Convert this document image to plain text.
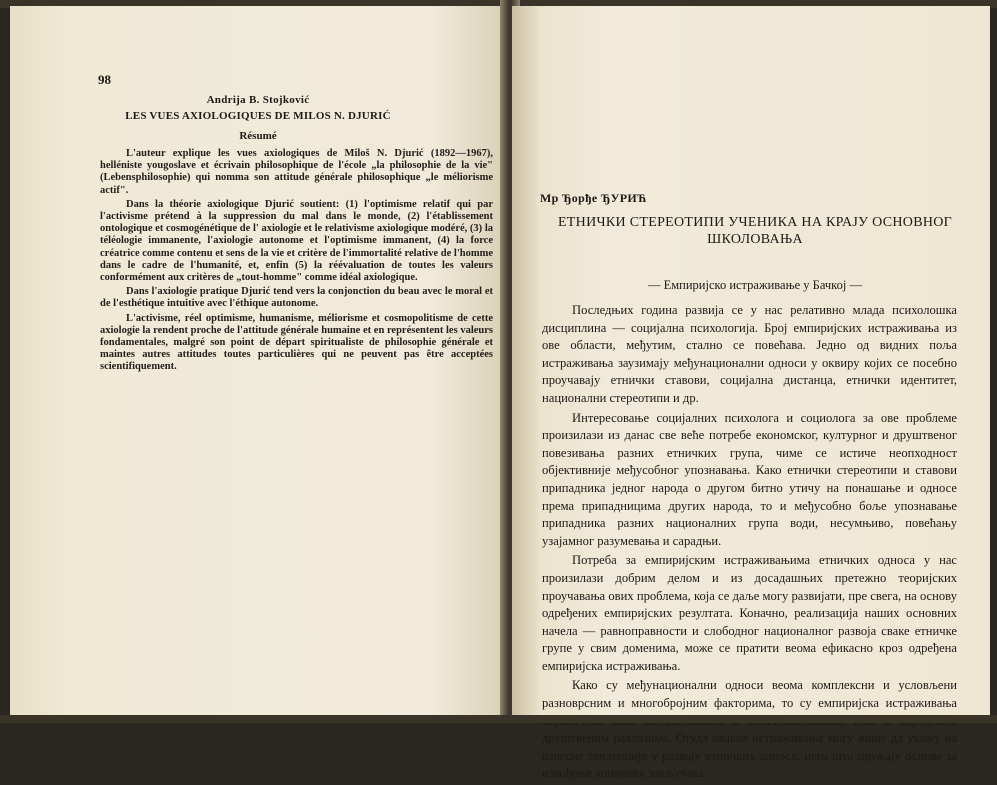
98
Andrija B. Stojković
LES VUES AXIOLOGIQUES DE MILOS N. DJURIĆ
Résumé

L'auteur explique les vues axiologiques de Miloš N. Djurić (1892—1967), helléniste yougoslave et écrivain philosophique de l'école „la philosophie de la vie" (Lebensphilosophie) qui nomma son attitude générale philosophique „le méliorisme actif".

Dans la théorie axiologique Djurić soutient: (1) l'optimisme relatif qui par l'activisme prétend à la suppression du mal dans le monde, (2) l'établissement ontologique et cosmogénétique de l' axiologie et le relativisme axiologique modéré, (3) la téléologie immanente, l'axiologie autonome et l'optimisme immanent, (4) la force créatrice comme contenu et sens de la vie et critère de l'immortalité relative de l'homme dans le cadre de l'humanité, et, enfin (5) la réévaluation de toutes les valeurs conformément aux critères de „tout-homme" comme idéal axiologique.

Dans l'axiologie pratique Djurić tend vers la conjonction du beau avec le moral et de l'esthétique intuitive avec l'éthique autonome.

L'activisme, réel optimisme, humanisme, méliorisme et cosmopolitisme de cette axiologie la rendent proche de l'attitude générale humaine et en représentent les valeurs fondamentales, malgré son point de départ spiritualiste de philosophie générale et maintes autres attitudes toutes particulières qui ne peuvent pas être acceptées scientifiquement.

Мр Ђорђе ЂУРИЋ
ЕТНИЧКИ СТЕРЕОТИПИ УЧЕНИКА НА КРАЈУ ОСНОВНОГ ШКОЛОВАЊА
— Емпиријско истраживање у Бачкој —

Последњих година развија се у нас релативно млада психолошка дисциплина — социјална психологија. Број емпиријских истраживања из ове области, међутим, стално се повећава. Једно од видних поља истраживања заузимају међунационални односи у оквиру којих се посебно проучавају етнички ставови, социјална дистанца, етнички идентитет, национални стереотипи и др.

Интересовање социјалних психолога и социолога за ове проблеме произилази из данас све веће потребе економског, културног и друштвеног повезивања разних етничких група, чиме се истиче неопходност објективније међусобног упознавања. Како етнички стереотипи и ставови припадника једног народа о другом битно утичу на понашање и односе према припадницима других народа, то и међусобно боље упознавање припадника разних националних група води, несумњиво, повећању узајамног разумевања и сарадњи.

Потреба за емпиријским истраживањима етничких односа у нас произилази добрим делом и из досадашњих претежно теоријских проучавања ових проблема, која се даље могу развијати, пре свега, на основу одређених емпиријских резултата. Коначно, реализација наших основних начела — равноправности и слободног националног развоја сваке етничке групе у свим доменима, може се пратити веома ефикасно кроз одређена емпиријска истраживања.

Како су међунационални односи веома комплексни и условљени разноврсним и многобројним факторима, то су емпиријска истраживања друштвеним разлозима. Отуда оваква истраживања могу више да укажу на извесне тенденције у развоју етничких односа, него што пружају основе за извођење коначних закључака.
